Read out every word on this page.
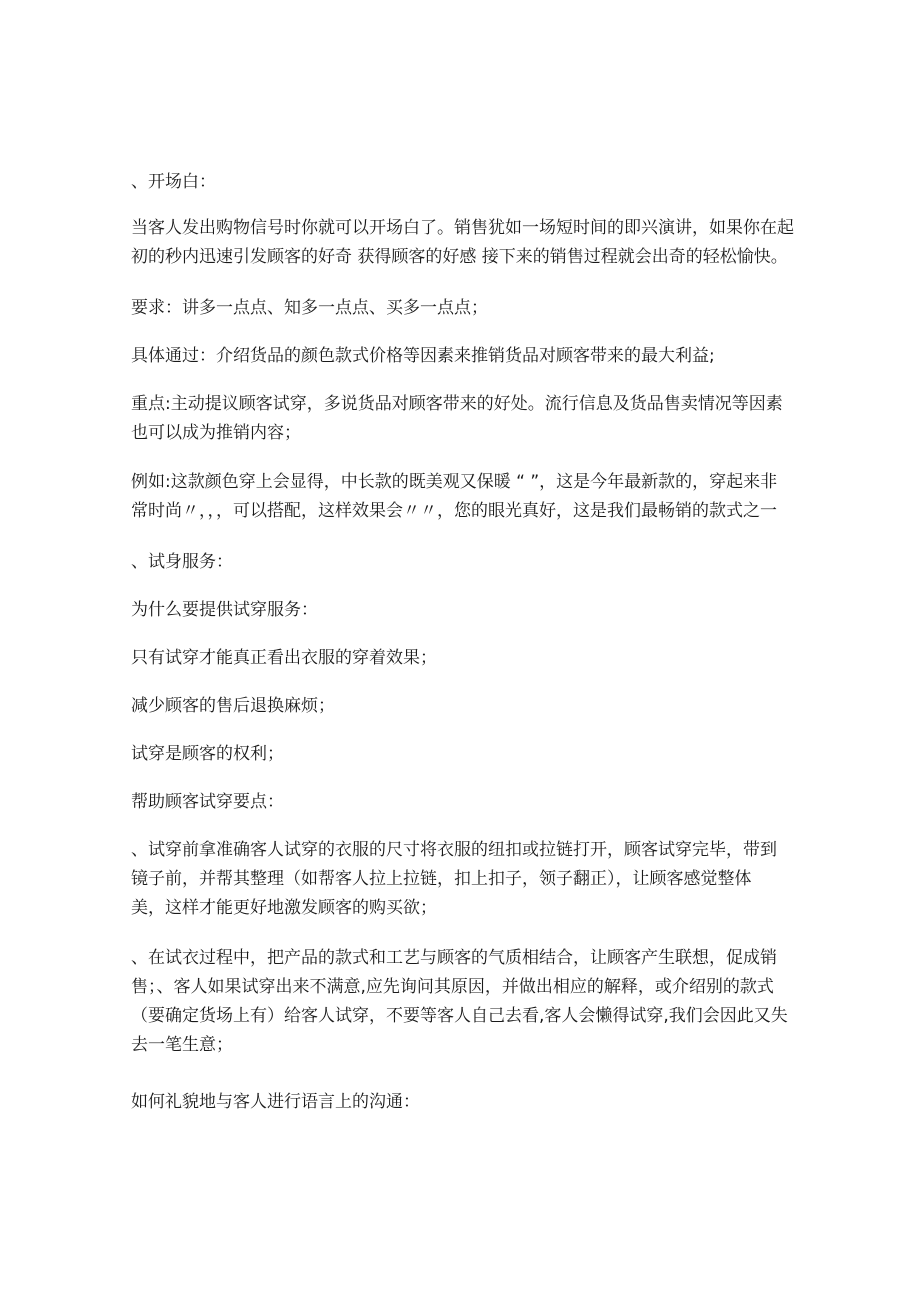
、开场白：

当客人发出购物信号时你就可以开场白了。销售犹如一场短时间的即兴演讲，如果你在起
初的秒内迅速引发顾客的好奇 获得顾客的好感 接下来的销售过程就会出奇的轻松愉快。

要求：讲多一点点、知多一点点、买多一点点；

具体通过：介绍货品的颜色款式价格等因素来推销货品对顾客带来的最大利益;

重点:主动提议顾客试穿，多说货品对顾客带来的好处。流行信息及货品售卖情况等因素
也可以成为推销内容；

例如:这款颜色穿上会显得，中长款的既美观又保暖 “ ”，这是今年最新款的，穿起来非
常时尚〃，，，可以搭配，这样效果会〃〃，您的眼光真好，这是我们最畅销的款式之一

、试身服务：

为什么要提供试穿服务：

只有试穿才能真正看出衣服的穿着效果；

减少顾客的售后退换麻烦；

试穿是顾客的权利；

帮助顾客试穿要点：

、试穿前拿准确客人试穿的衣服的尺寸将衣服的纽扣或拉链打开，顾客试穿完毕，带到
镜子前，并帮其整理（如帮客人拉上拉链，扣上扣子，领子翻正），让顾客感觉整体
美，这样才能更好地激发顾客的购买欲；

、在试衣过程中，把产品的款式和工艺与顾客的气质相结合，让顾客产生联想，促成销
售；、客人如果试穿出来不满意,应先询问其原因，并做出相应的解释，或介绍别的款式
（要确定货场上有）给客人试穿，不要等客人自己去看,客人会懒得试穿,我们会因此又失
去一笔生意；

如何礼貌地与客人进行语言上的沟通：
